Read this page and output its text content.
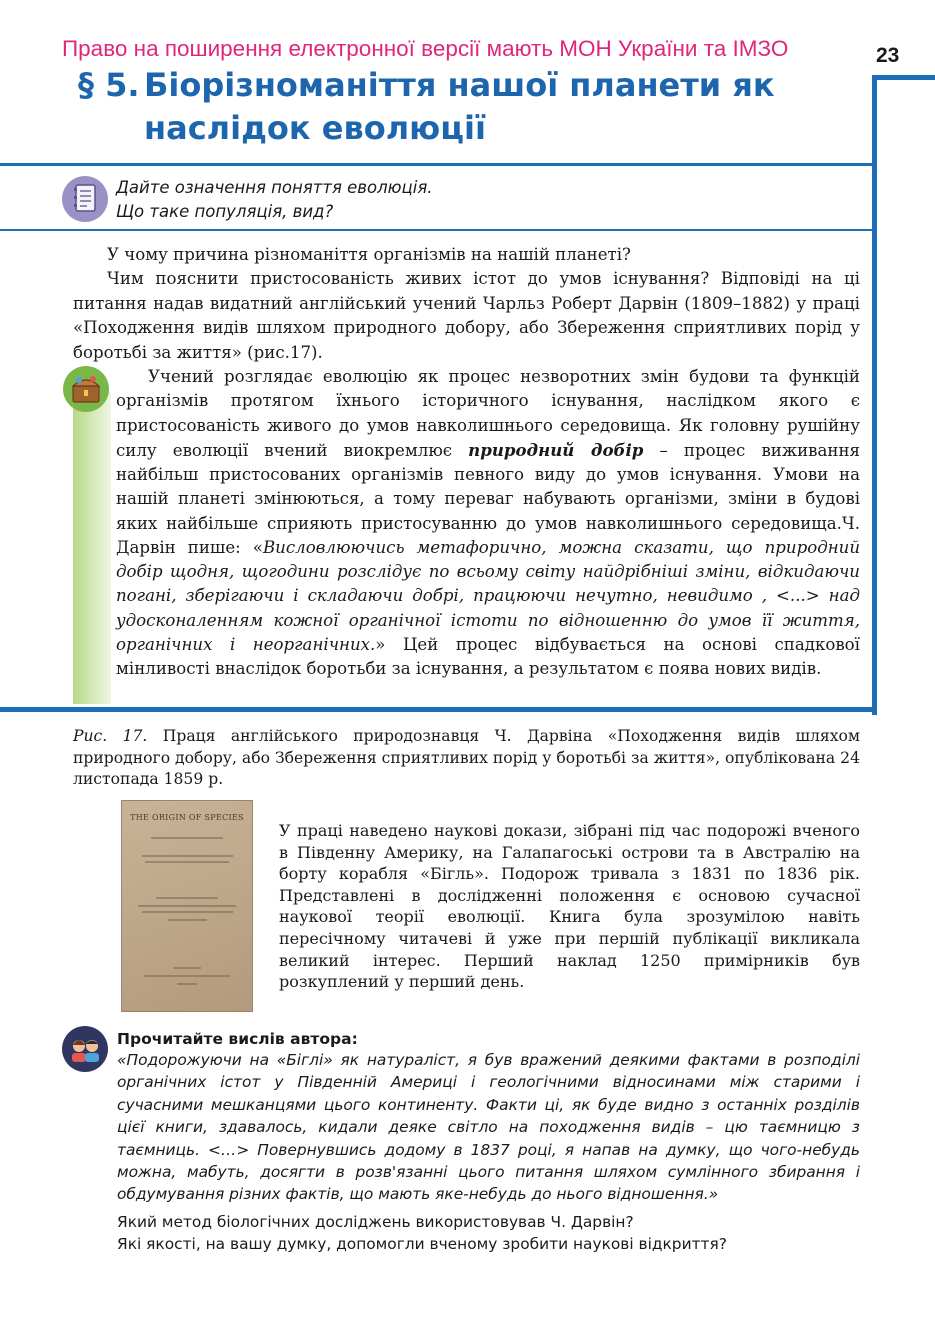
Право на поширення електронної версії мають МОН України та ІМЗО	23
§ 5. Біорізноманіття нашої планети як
наслідок еволюції
Дайте означення поняття еволюція.
Що таке популяція, вид?

У чому причина різноманіття організмів на нашій планеті?

Чим пояснити пристосованість живих істот до умов існування? Відповіді на ці питання надав видатний англійський учений Чарльз Роберт Дарвін (1809–1882) у праці «Походження видів шляхом природного добору, або Збереження сприятливих порід у боротьбі за життя» (рис.17).

Учений розглядає еволюцію як процес незворотних змін будови та функцій організмів протягом їхнього історичного існування, наслідком якого є пристосованість живого до умов навколишнього середовища. Як головну рушійну силу еволюції вчений виокремлює природний добір – процес виживання найбільш пристосованих організмів певного виду до умов існування. Умови на нашій планеті змінюються, а тому переваг набувають організми, зміни в будові яких найбільше сприяють пристосуванню до умов навколишнього середовища.Ч. Дарвін пише: «Висловлюючись метафорично, можна сказати, що природний добір щодня, щогодини розслідує по всьому світу найдрібніші зміни, відкидаючи погані, зберігаючи і складаючи добрі, працюючи нечутно, невидимо , <...> над удосконаленням кожної органічної істоти по відношенню до умов її життя, органічних і неорганічних.» Цей процес відбувається на основі спадкової мінливості внаслідок боротьби за існування, а результатом є поява нових видів.

Рис. 17. Праця англійського природознавця Ч. Дарвіна «Походження видів шляхом природного добору, або Збереження сприятливих порід у боротьбі за життя», опублікована 24 листопада 1859 р.
THE ORIGIN OF SPECIES
У праці наведено наукові докази, зібрані під час подорожі вченого в Південну Америку, на Галапагоські острови та в Австралію на борту корабля «Бігль». Подорож тривала з 1831 по 1836 рік. Представлені в дослідженні положення є основою сучасної наукової теорії еволюції. Книга була зрозумілою навіть пересічному читачеві й уже при першій публікації викликала великий інтерес. Перший наклад 1250 примірників був розкуплений у перший день.
Прочитайте вислів автора:
«Подорожуючи на «Біглі» як натураліст, я був вражений деякими фактами в розподілі органічних істот у Південній Америці і геологічними відносинами між старими і сучасними мешканцями цього континенту. Факти ці, як буде видно з останніх розділів цієї книги, здавалось, кидали деяке світло на походження видів – цю таємницю з таємниць. <…> Повернувшись додому в 1837 році, я напав на думку, що чого-небудь можна, мабуть, досягти в розв'язанні цього питання шляхом сумлінного збирання і обдумування різних фактів, що мають яке-небудь до нього відношення.»
Який метод біологічних досліджень використовував Ч. Дарвін?
Які якості, на вашу думку, допомогли вченому зробити наукові відкриття?
